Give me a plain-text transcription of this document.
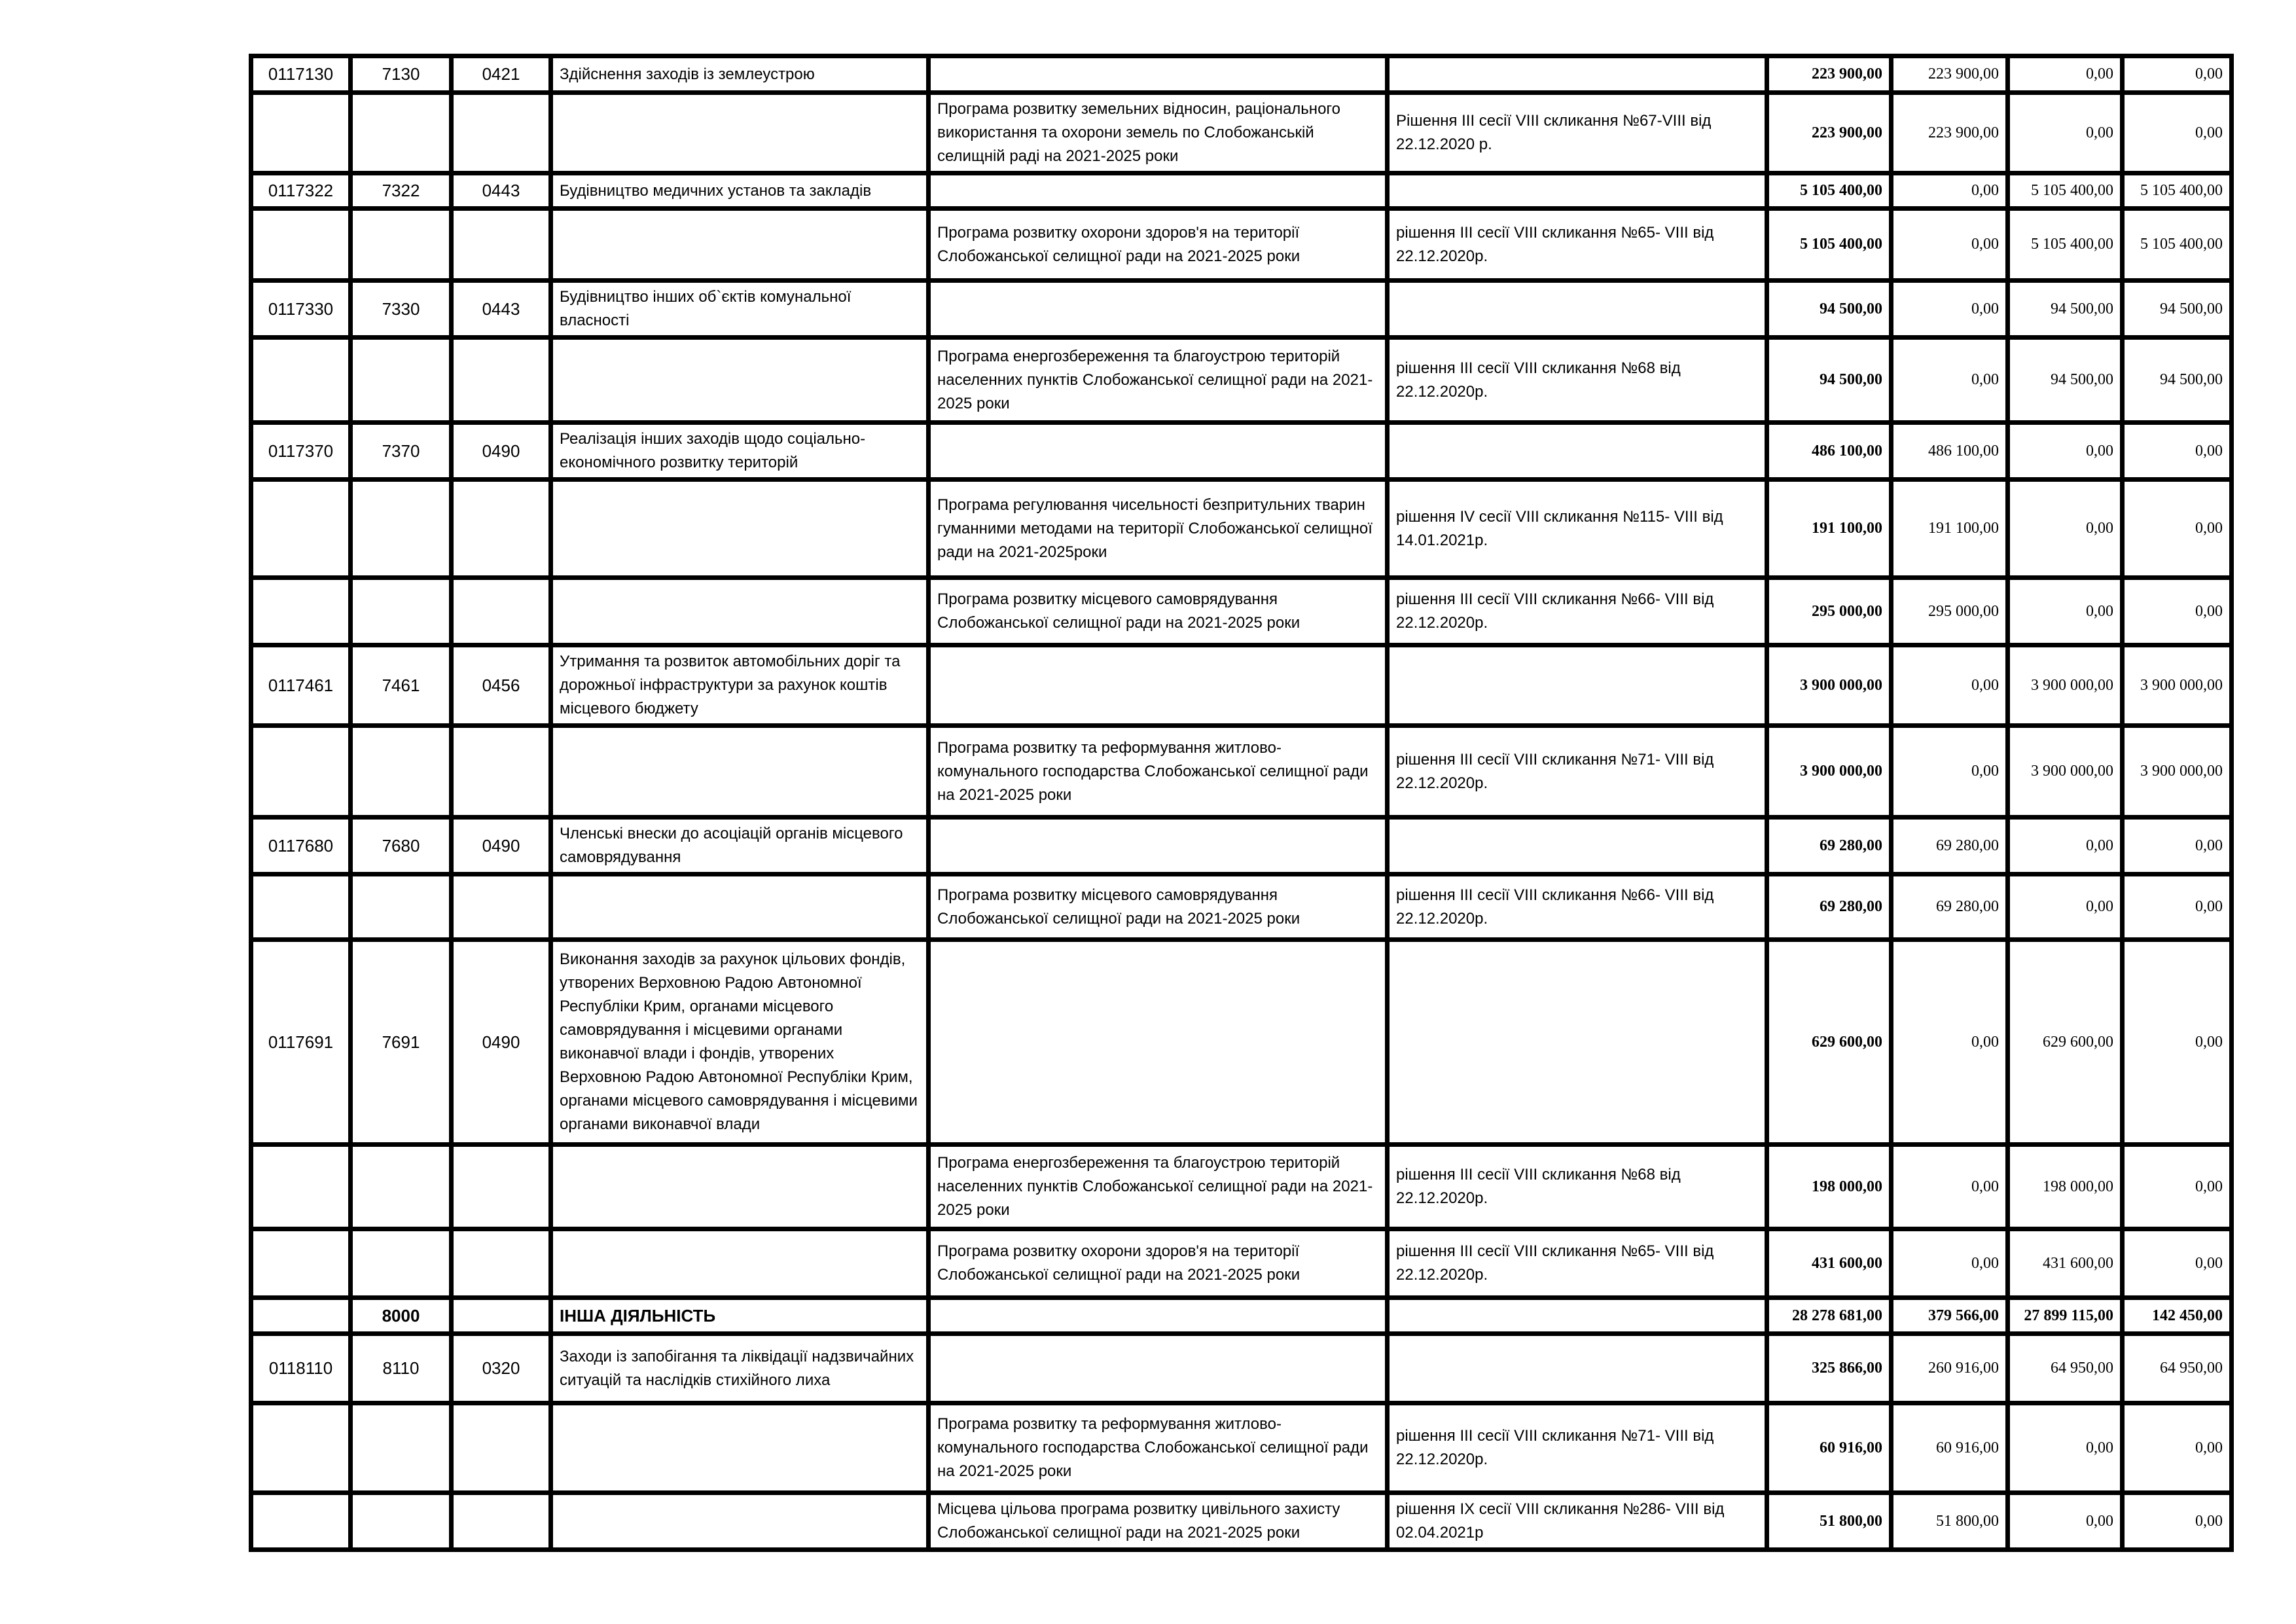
0117130	7130	0421	Здійснення заходів із землеустрою			223 900,00	223 900,00	0,00	0,00
				Програма розвитку земельних відносин, раціонального використання та охорони земель по Слобожанській селищній раді на 2021-2025 роки	Рішення III сесії VIII скликання №67-VIII від 22.12.2020 р.	223 900,00	223 900,00	0,00	0,00
0117322	7322	0443	Будівництво медичних установ та закладів			5 105 400,00	0,00	5 105 400,00	5 105 400,00
				Програма розвитку охорони здоров'я на території Слобожанської селищної ради на 2021-2025 роки	рішення III сесії VIII скликання №65- VIII від 22.12.2020р.	5 105 400,00	0,00	5 105 400,00	5 105 400,00
0117330	7330	0443	Будівництво інших об`єктів комунальної власності			94 500,00	0,00	94 500,00	94 500,00
				Програма енергозбереження та благоустрою територій населенних пунктів Слобожанської селищної ради на 2021-2025 роки	рішення III сесії VIII скликання №68 від 22.12.2020р.	94 500,00	0,00	94 500,00	94 500,00
0117370	7370	0490	Реалізація інших заходів щодо соціально-економічного розвитку територій			486 100,00	486 100,00	0,00	0,00
				Програма регулювання чисельності безпритульних тварин гуманними методами на території Слобожанської селищної ради на 2021-2025роки	рішення IV сесії VIII скликання №115- VIII від 14.01.2021р.	191 100,00	191 100,00	0,00	0,00
				Програма розвитку місцевого самоврядування Слобожанської селищної ради на 2021-2025 роки	рішення III сесії VIII скликання №66- VIII від 22.12.2020р.	295 000,00	295 000,00	0,00	0,00
0117461	7461	0456	Утримання та розвиток автомобільних доріг та дорожньої інфраструктури за рахунок коштів місцевого бюджету			3 900 000,00	0,00	3 900 000,00	3 900 000,00
				Програма розвитку та реформування житлово-комунального господарства Слобожанської селищної ради на 2021-2025 роки	рішення III сесії VIII скликання №71- VIII від 22.12.2020р.	3 900 000,00	0,00	3 900 000,00	3 900 000,00
0117680	7680	0490	Членські внески до асоціацій органів місцевого самоврядування			69 280,00	69 280,00	0,00	0,00
				Програма розвитку місцевого самоврядування Слобожанської селищної ради на 2021-2025 роки	рішення III сесії VIII скликання №66- VIII від 22.12.2020р.	69 280,00	69 280,00	0,00	0,00
0117691	7691	0490	Виконання заходів за рахунок цільових фондів, утворених Верховною Радою Автономної Республіки Крим, органами місцевого самоврядування і місцевими органами виконавчої влади і фондів, утворених Верховною Радою Автономної Республіки Крим, органами місцевого самоврядування і місцевими органами виконавчої влади			629 600,00	0,00	629 600,00	0,00
				Програма енергозбереження та благоустрою територій населенних пунктів Слобожанської селищної ради на 2021-2025 роки	рішення III сесії VIII скликання №68 від 22.12.2020р.	198 000,00	0,00	198 000,00	0,00
				Програма розвитку охорони здоров'я на території Слобожанської селищної ради на 2021-2025 роки	рішення III сесії VIII скликання №65- VIII від 22.12.2020р.	431 600,00	0,00	431 600,00	0,00
	8000		ІНША ДІЯЛЬНІСТЬ			28 278 681,00	379 566,00	27 899 115,00	142 450,00
0118110	8110	0320	Заходи із запобігання та ліквідації надзвичайних ситуацій та наслідків стихійного лиха			325 866,00	260 916,00	64 950,00	64 950,00
				Програма розвитку та реформування житлово-комунального господарства Слобожанської селищної ради на 2021-2025 роки	рішення III сесії VIII скликання №71- VIII від 22.12.2020р.	60 916,00	60 916,00	0,00	0,00
				Місцева цільова програма розвитку цивільного захисту Слобожанської селищної ради на 2021-2025 роки	рішення IX сесії VIII скликання №286- VIII від 02.04.2021р	51 800,00	51 800,00	0,00	0,00
